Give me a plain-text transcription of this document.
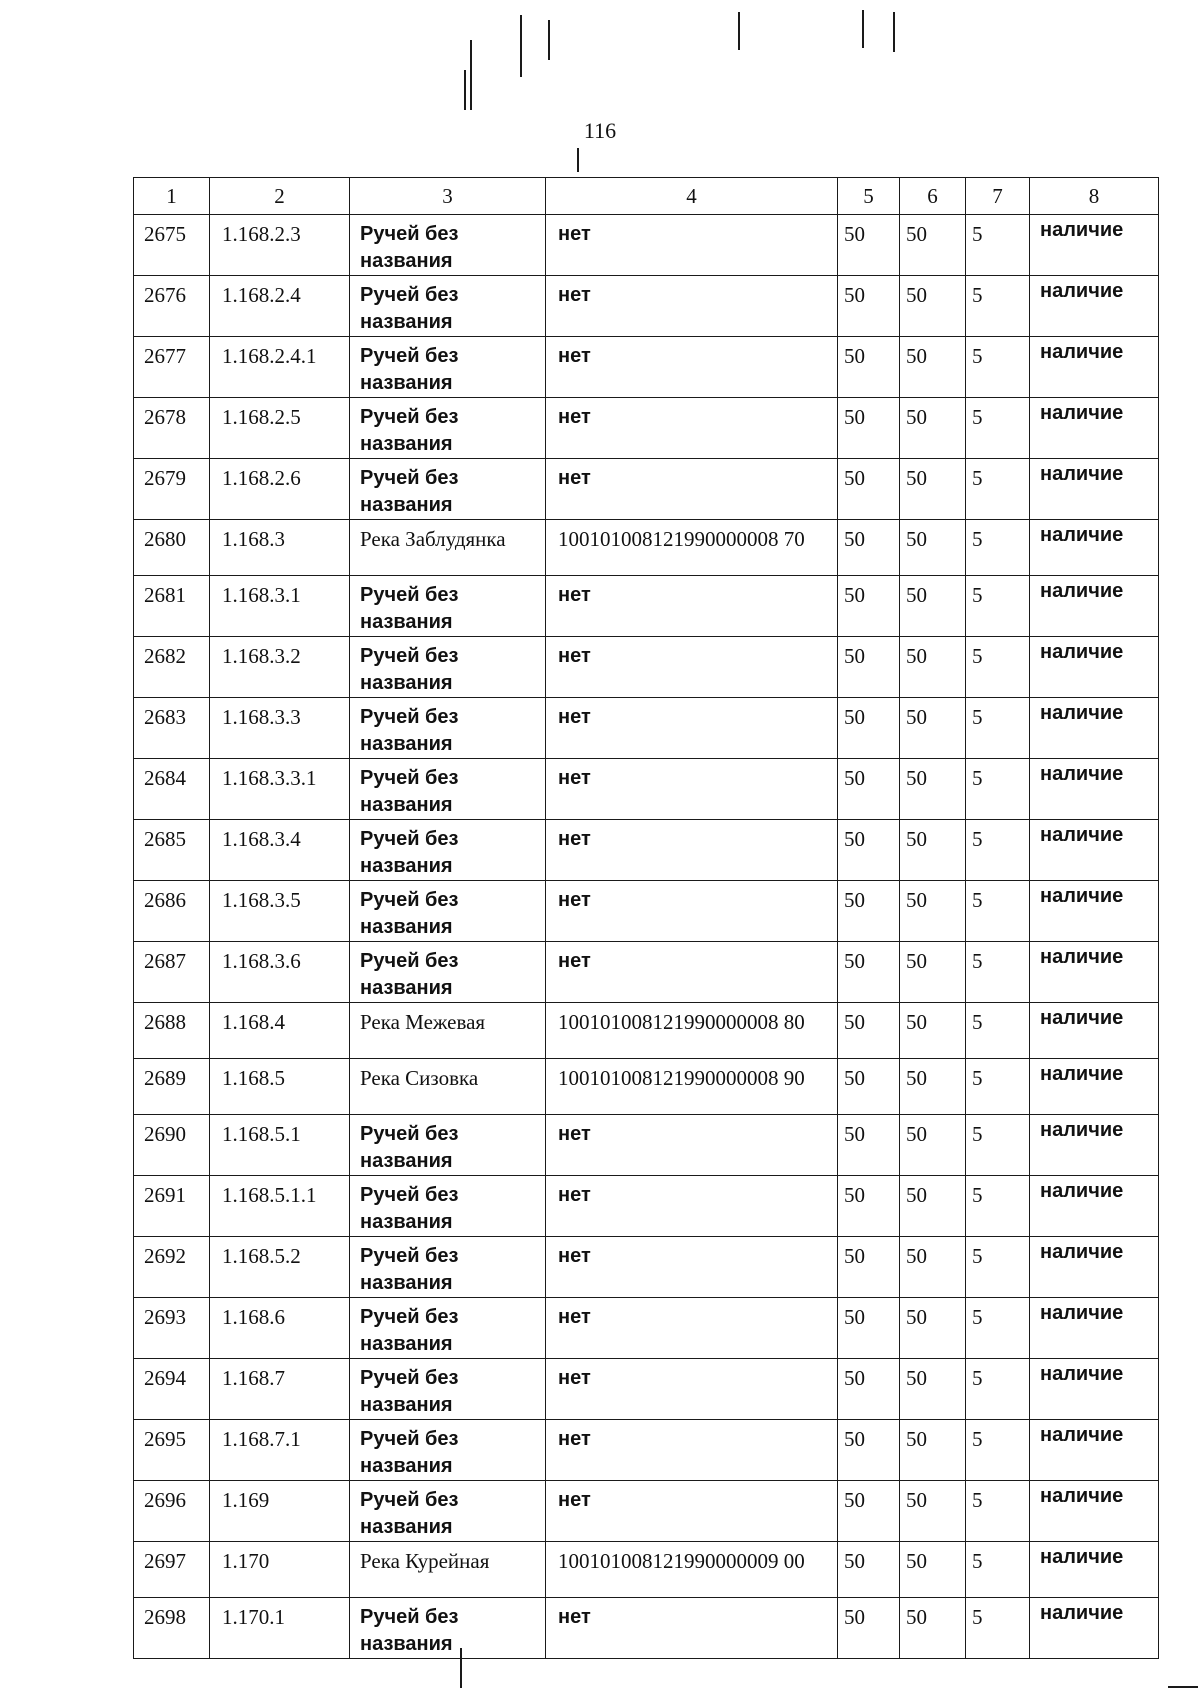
116
1	2	3	4	5	6	7	8

2675	1.168.2.3	Ручей без названия	нет	50	50	5	наличие

2676	1.168.2.4	Ручей без названия	нет	50	50	5	наличие

2677	1.168.2.4.1	Ручей без названия	нет	50	50	5	наличие

2678	1.168.2.5	Ручей без названия	нет	50	50	5	наличие

2679	1.168.2.6	Ручей без названия	нет	50	50	5	наличие

2680	1.168.3	Река Заблудянка	100101008121990000008 70	50	50	5	наличие

2681	1.168.3.1	Ручей без названия	нет	50	50	5	наличие

2682	1.168.3.2	Ручей без названия	нет	50	50	5	наличие

2683	1.168.3.3	Ручей без названия	нет	50	50	5	наличие

2684	1.168.3.3.1	Ручей без названия	нет	50	50	5	наличие

2685	1.168.3.4	Ручей без названия	нет	50	50	5	наличие

2686	1.168.3.5	Ручей без названия	нет	50	50	5	наличие

2687	1.168.3.6	Ручей без названия	нет	50	50	5	наличие

2688	1.168.4	Река Межевая	100101008121990000008 80	50	50	5	наличие

2689	1.168.5	Река Сизовка	100101008121990000008 90	50	50	5	наличие

2690	1.168.5.1	Ручей без названия	нет	50	50	5	наличие

2691	1.168.5.1.1	Ручей без названия	нет	50	50	5	наличие

2692	1.168.5.2	Ручей без названия	нет	50	50	5	наличие

2693	1.168.6	Ручей без названия	нет	50	50	5	наличие

2694	1.168.7	Ручей без названия	нет	50	50	5	наличие

2695	1.168.7.1	Ручей без названия	нет	50	50	5	наличие

2696	1.169	Ручей без названия	нет	50	50	5	наличие

2697	1.170	Река Курейная	100101008121990000009 00	50	50	5	наличие

2698	1.170.1	Ручей без названия	нет	50	50	5	наличие
